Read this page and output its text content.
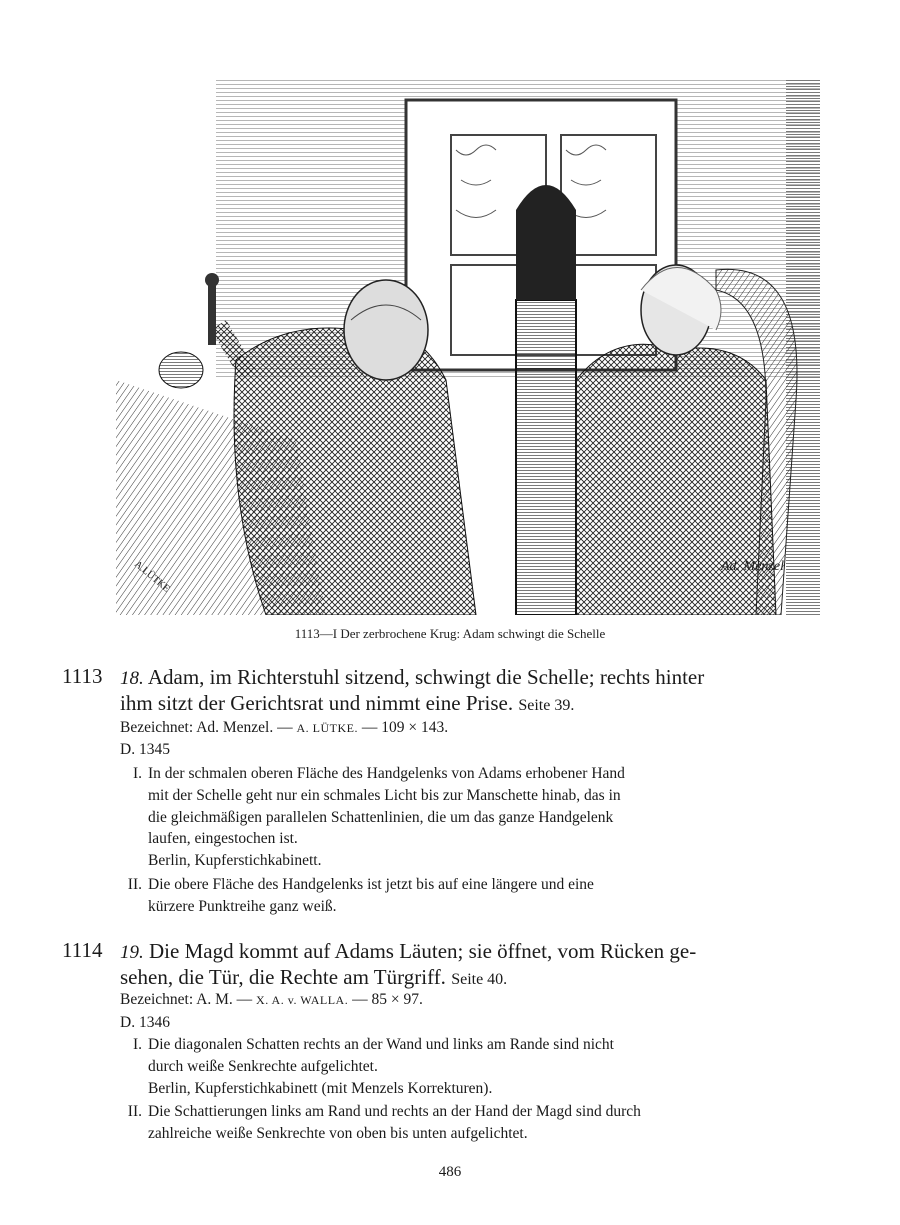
A.LÜTKE	Ad. Menzel
1113—I Der zerbrochene Krug: Adam schwingt die Schelle
1113 18. Adam, im Richterstuhl sitzend, schwingt die Schelle; rechts hinter
ihm sitzt der Gerichtsrat und nimmt eine Prise. Seite 39.
Bezeichnet: Ad. Menzel. — A. LÜTKE. — 109 × 143.
D. 1345
I. In der schmalen oberen Fläche des Handgelenks von Adams erhobener Hand
mit der Schelle geht nur ein schmales Licht bis zur Manschette hinab, das in
die gleichmäßigen parallelen Schattenlinien, die um das ganze Handgelenk
laufen, eingestochen ist.
Berlin, Kupferstichkabinett.
II. Die obere Fläche des Handgelenks ist jetzt bis auf eine längere und eine
kürzere Punktreihe ganz weiß.
1114 19. Die Magd kommt auf Adams Läuten; sie öffnet, vom Rücken ge-
sehen, die Tür, die Rechte am Türgriff. Seite 40.
Bezeichnet: A. M. — X. A. v. WALLA. — 85 × 97.
D. 1346
I. Die diagonalen Schatten rechts an der Wand und links am Rande sind nicht
durch weiße Senkrechte aufgelichtet.
Berlin, Kupferstichkabinett (mit Menzels Korrekturen).
II. Die Schattierungen links am Rand und rechts an der Hand der Magd sind durch
zahlreiche weiße Senkrechte von oben bis unten aufgelichtet.
486
